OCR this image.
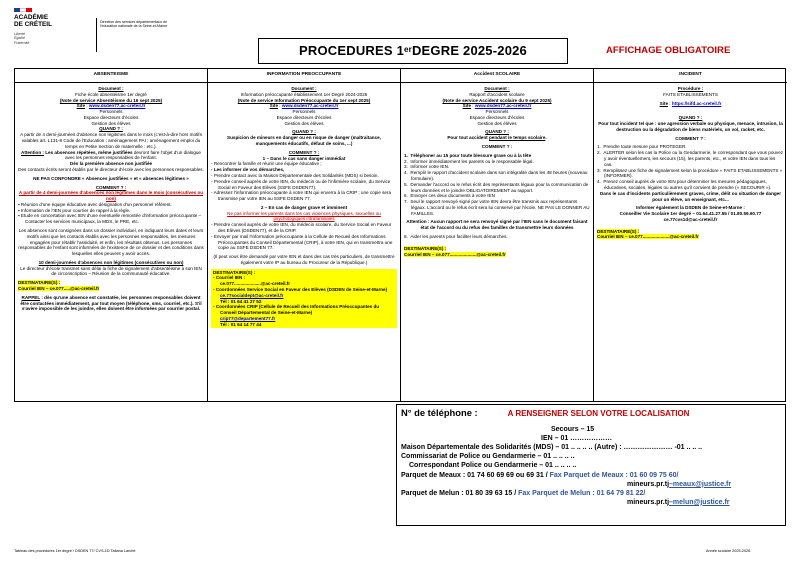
ACADÉMIE
DE CRÉTEIL
Liberté
Égalité
Fraternité
Direction des services départementaux de l'éducation nationale de la Seine-et-Marne
PROCEDURES 1er DEGRE 2025-2026	AFFICHAGE OBLIGATOIRE
ABSENTEISME
Document :
Fiche école absentéisme 1er degré
(Note de service Absentéisme du 16 sept 2025)
Site : www.dsden77.ac-creteil.fr
Personnels
Espace directeurs d'écoles
Gestion des élèves
QUAND ? :
A partir de 4 demi-journées d'absence non légitimes dans le mois (c'est-à-dire hors motifs valables art. L131-8 Code de l'Education ; aménagement PAI ; aménagement emploi du temps en Petite Section de maternelle : etc.).
Attention : Les absences répétées, même justifiées devront faire l'objet d'un dialogue avec les personnes responsables de l'enfant.
Dès la première absence non justifiée
Des contacts écrits seront établis par le directeur d'école avec les personnes responsables.
NE PAS CONFONDRE « Absences justifiées » et « absences légitimes »
COMMENT ? :
A partir de 4 demi-journées d'absences non légitimes dans le mois (consécutives ou non)
▪ Réunion d'une équipe éducative avec désignation d'un personnel référent.
▪ Information de l'IEN pour courrier de rappel à la règle.
▪ Etude en concertation avec IEN d'une éventuelle remontée d'information préoccupante – Contacter les services municipaux, la MDS, le PRE, etc.
Les absences sont consignées dans un dossier individuel, en indiquant leurs dates et leurs motifs ainsi que les contacts établis avec les personnes responsables, les mesures engagées pour rétablir l'assiduité, et enfin, les résultats obtenus. Les personnes responsables de l'enfant sont informées de l'existence de ce dossier et des conditions dans lesquelles elles peuvent y avoir accès.
10 demi-journées d'absences non légitimes (consécutives ou non)
Le directeur d'école transmet sans délai la fiche de signalement d'absentéisme à son IEN de circonscription – Réunion de la communauté éducative.
DESTINATAIRE(S) :
Courriel IEN – ce.077.....@ac-creteil.fr
RAPPEL : dès qu'une absence est constatée, les personnes responsables doivent être contactées immédiatement, par tout moyen (téléphone, sms, courriel, etc.). S'il s'avère impossible de les joindre, elles doivent être informées par courrier postal.
INFORMATION PREOCCUPANTE
Document :
Information préoccupante établissement 1er Degré 2024-2025
(Note de service Information Préoccupante du 1er sept 2025)
Site : www.dsden77.ac-creteil.fr
Personnels
Espace directeurs d'écoles
Gestion des élèves
QUAND ? :
Suspicion de mineurs en danger ou en risque de danger (maltraitance, manquements éducatifs, défaut de soins, ...)
COMMENT ? :
1 – Dans le cas sans danger immédiat
- Rencontrer la famille et réunir une équipe éducative ;
- Les informer de vos démarches,
- Prendre contact avec la Maison Départementale des Solidarités (MDS) si besoin.
- Prendre conseil auprès de votre IEN, du médecin ou de l'infirmière scolaire, du Service Social en Faveur des Elèves (SSFE DSDEN77).
- Adressez l'information préoccupante à votre IEN qui enverra à la CRIP ; une copie sera transmise par votre IEN au SSFE DSDEN 77.
2 – En cas de danger grave et imminent
Ne pas informer les parents dans les cas violences physiques, sexuelles ou psychologiques intrafamiliales
- Prendre conseil auprès de votre IEN, du médecin scolaire, du Service Social en Faveur des Elèves (DSDEN77), et de la CRIP.
- Envoyer par mail l'information préoccupante à la Cellule de Recueil des Informations Préoccupantes du Conseil Départemental (CRIP), à votre IEN, qui en transmettra une copie au SSFE DSDEN 77.
(Il peut vous être demandé par votre IEN et dans des cas très particuliers, de transmettre également votre IP au bureau du Procureur de la République.)
DESTINATAIRE(S) :
- Courriel IEN :
ce.077.....................@ac-creteil.fr
- Coordonnées Service Social en Faveur des Elèves (DSDEN de Seine-et-Marne)
ce.77socialdept@ac-creteil.fr
Tél : 01 64 41 27 52
- Coordonnées CRIP (Cellule de Recueil des Informations Préoccupantes du Conseil Départemental de Seine-et-Marne)
crip77@departement77.fr
Tél : 01 64 14 77 44
Accident SCOLAIRE
Document :
Rapport d'accident scolaire
(Note de service Accident scolaire du 9 sept 2025)
Site : www.dsden77.ac-creteil.fr
Personnels
Espace directeurs d'écoles
Gestion des élèves
QUAND ? :
Pour tout accident pendant le temps scolaire.
COMMENT ? :
1.  Téléphoner au 15 pour toute blessure grave ou à la tête
2.  Informer immédiatement les parents ou le responsable légal.
3.  Informer votre IEN.
4.  Remplir le rapport d'accident scolaire dans son intégralité dans les 48 heures (nouveau formulaire).
5.  Demander l'accord ou le refus écrit des représentants légaux pour la communication de leurs données et le joindre OBLIGATOIREMENT au rapport.
6.  Envoyer ces deux documents à votre IEN
7.  Seul le rapport renvoyé signé par votre IEN devra être transmis aux représentants légaux. L'accord ou le refus écrit sera lui conservé par l'école. NE PAS LE DONNER AU FAMILLES.
Attention : Aucun rapport ne sera renvoyé signé par l'IEN sans le document faisant état de l'accord ou du refus des familles de transmettre leurs données
8.  Aider les parents pour faciliter leurs démarches.
DESTINATAIRE(S) :
Courriel IEN – ce.077.....................@ac-creteil.fr
INCIDENT
Procédure :
FAITS ETABLISSEMENTS
Site : https://sifd.ac-creteil.fr
QUAND ? :
Pour tout incident tel que : une agression verbale ou physique, menace, intrusion, la destruction ou la dégradation de biens matériels, un vol, racket, etc.
COMMENT ? :
1.  Prendre toute mesure pour PROTEGER.
2.  ALERTER selon les cas la Police ou la Gendarmerie, le correspondant que vous pouvez y avoir éventuellement, les secours (15), les parents, etc., et votre IEN dans tous les cas.
3.  Remplissez une fiche de signalement selon la procédure « FAITS ETABLISSEMENTS » (INFORMER).
4.  Prenez conseil auprès de votre IEN pour déterminer les mesures pédagogiques, éducatives, sociales, légales ou autres qu'il convient de prendre (« SECOURIR »).
Dans le cas d'incidents particulièrement graves, crime, délit ou situation de danger pour un élève, un enseignant, etc...
Informer également la DSDEN de Seine-et-Marne :
Conseiller Vie Scolaire 1er degré – 01.64.41.27.55 / 01.80.59.60.77
ce.77cvs1d@ac-creteil.fr
DESTINATAIRE(S) :
Courriel IEN – ce.077.....................@ac-creteil.fr
N° de téléphone :	A RENSEIGNER SELON VOTRE LOCALISATION
Secours – 15
IEN – 01 ………………
Maison Départementale des Solidarités (MDS) – 01 .. .. .. .. (Autre) : ………………… -01 .. .. ..
Commissariat de Police ou Gendarmerie – 01 .. .. .. ..
Correspondant Police ou Gendarmerie – 01 .. .. .. ..
Parquet de Meaux : 01 74 60 69 69 ou 69 31 / Fax Parquet de Meaux : 01 60 09 75 60/
mineurs.pr.tj–meaux@justice.fr
Parquet de Melun : 01 80 39 63 15 / Fax Parquet de Melun : 01 64 79 81 22/
mineurs.pr.tj–melun@justice.fr
Tableau des procédures 1er degré / DSDEN 77/ CVS-1D Tatiana Larché	Année scolaire 2025-2026
